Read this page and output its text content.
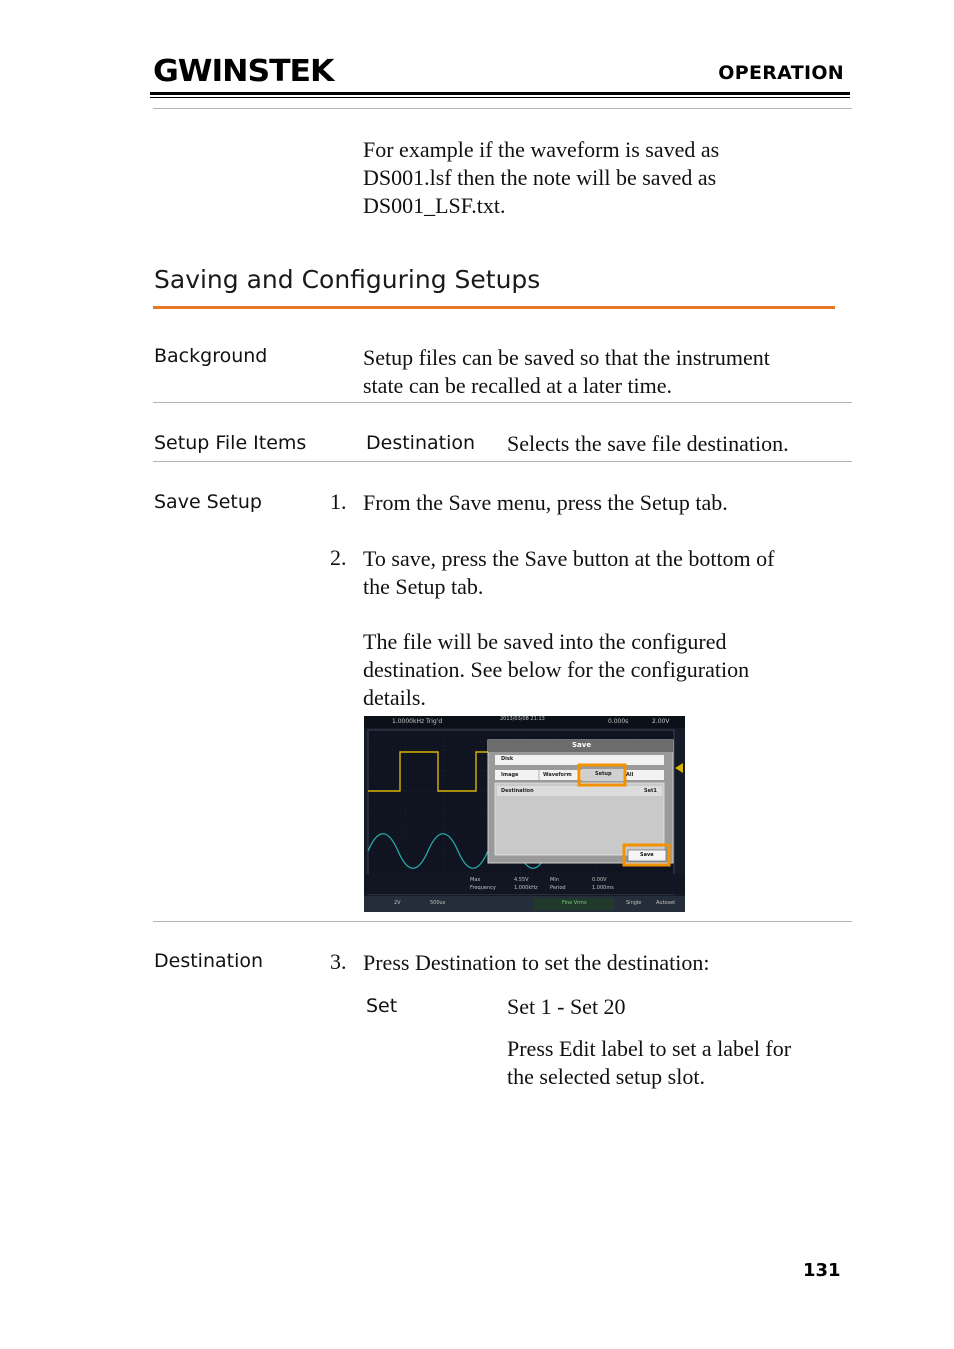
GWINSTEK	OPERATION
For example if the waveform is saved as
DS001.lsf then the note will be saved as
DS001_LSF.txt.
Saving and Configuring Setups
Background	Setup files can be saved so that the instrument
state can be recalled at a later time.
Setup File Items	Destination Selects the save file destination.
Save Setup	1. From the Save menu, press the Setup tab.
2. To save, press the Save button at the bottom of
the Setup tab.
The file will be saved into the configured
destination. See below for the configuration
details.
1.0000kHz Trig'd	2013/03/08 21:13	0.000s	2.00V
Save
Disk
Image	Waveform	Setup	All
Destination	Set1
Save
Max	4.55V
Frequency	1.000kHz
Min	0.00V
Period	1.000ms
2V	500us	Fine Vrms	Single	Autoset
Destination	3. Press Destination to set the destination:
Set	Set 1 - Set 20
Press Edit label to set a label for
the selected setup slot.
131
